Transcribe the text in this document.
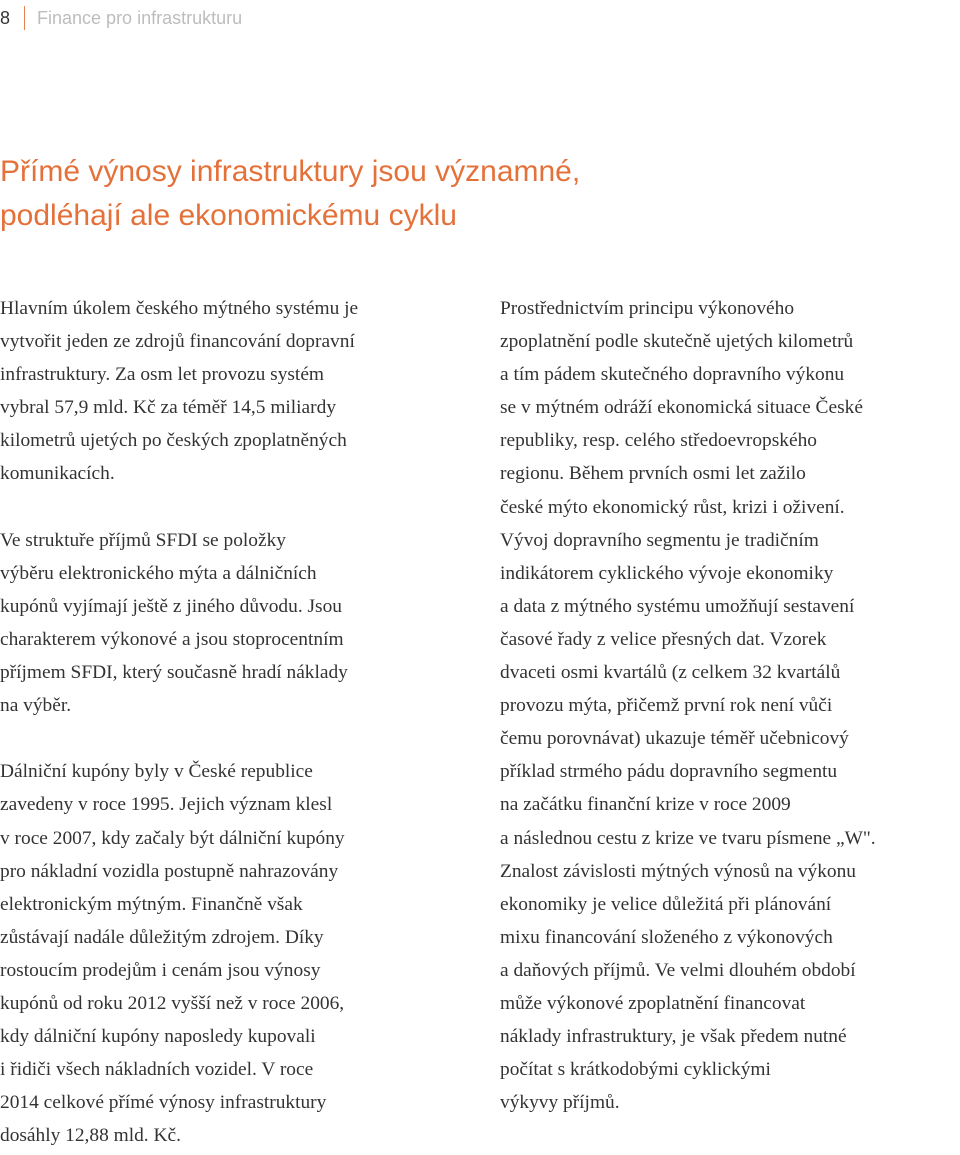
8	Finance pro infrastrukturu
Přímé výnosy infrastruktury jsou významné,
podléhají ale ekonomickému cyklu

Hlavním úkolem českého mýtného systému je
vytvořit jeden ze zdrojů financování dopravní
infrastruktury. Za osm let provozu systém
vybral 57,9 mld. Kč za téměř 14,5 miliardy
kilometrů ujetých po českých zpoplatněných
komunikacích.

Ve struktuře příjmů SFDI se položky
výběru elektronického mýta a dálničních
kupónů vyjímají ještě z jiného důvodu. Jsou
charakterem výkonové a jsou stoprocentním
příjmem SFDI, který současně hradí náklady
na výběr.

Dálniční kupóny byly v České republice
zavedeny v roce 1995. Jejich význam klesl
v roce 2007, kdy začaly být dálniční kupóny
pro nákladní vozidla postupně nahrazovány
elektronickým mýtným. Finančně však
zůstávají nadále důležitým zdrojem. Díky
rostoucím prodejům i cenám jsou výnosy
kupónů od roku 2012 vyšší než v roce 2006,
kdy dálniční kupóny naposledy kupovali
i řidiči všech nákladních vozidel. V roce
2014 celkové přímé výnosy infrastruktury
dosáhly 12,88 mld. Kč.

Prostřednictvím principu výkonového
zpoplatnění podle skutečně ujetých kilometrů
a tím pádem skutečného dopravního výkonu
se v mýtném odráží ekonomická situace České
republiky, resp. celého středoevropského
regionu. Během prvních osmi let zažilo
české mýto ekonomický růst, krizi i oživení.
Vývoj dopravního segmentu je tradičním
indikátorem cyklického vývoje ekonomiky
a data z mýtného systému umožňují sestavení
časové řady z velice přesných dat. Vzorek
dvaceti osmi kvartálů (z celkem 32 kvartálů
provozu mýta, přičemž první rok není vůči
čemu porovnávat) ukazuje téměř učebnicový
příklad strmého pádu dopravního segmentu
na začátku finanční krize v roce 2009
a následnou cestu z krize ve tvaru písmene „W".
Znalost závislosti mýtných výnosů na výkonu
ekonomiky je velice důležitá při plánování
mixu financování složeného z výkonových
a daňových příjmů. Ve velmi dlouhém období
může výkonové zpoplatnění financovat
náklady infrastruktury, je však předem nutné
počítat s krátkodobými cyklickými
výkyvy příjmů.
